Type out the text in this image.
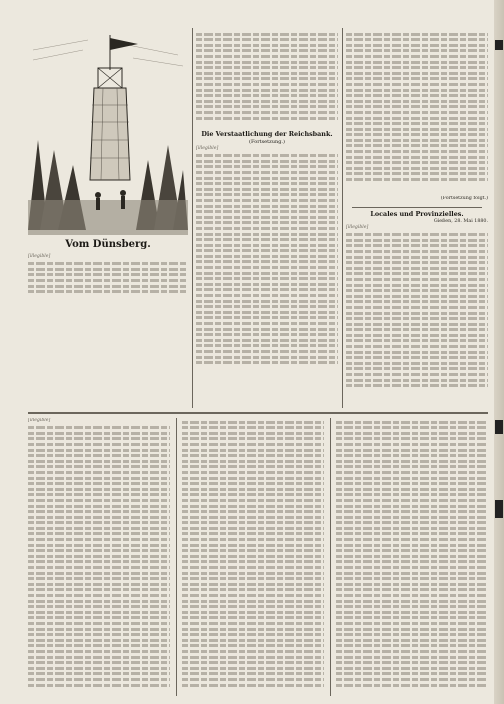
Vom Dünsberg.
[illegible]
Die Verstaatlichung der Reichsbank.
(Fortsetzung.)
[illegible]
(Fortsetzung folgt.)
Locales und Provinzielles.
Gießen, 28. Mai 1880.
[illegible]
[illegible]
